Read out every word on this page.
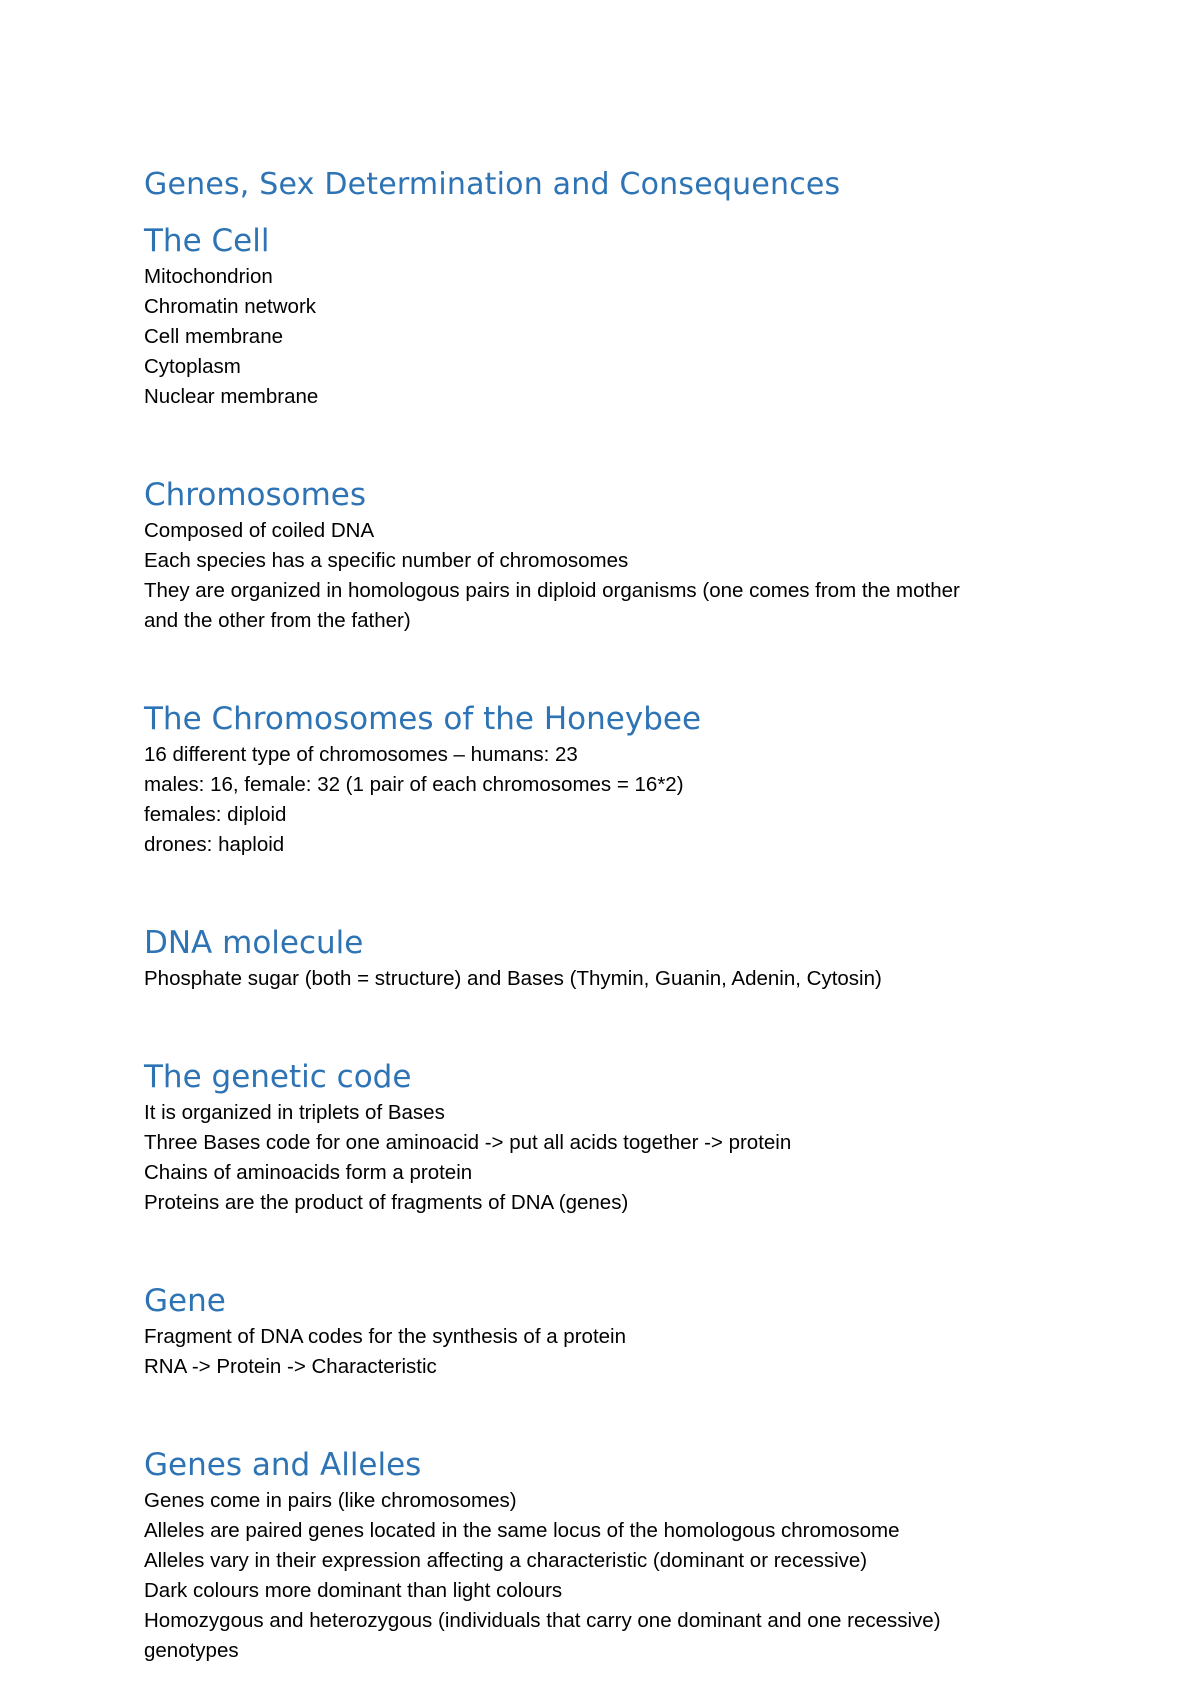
Genes, Sex Determination and Consequences
The Cell
Mitochondrion
Chromatin network
Cell membrane
Cytoplasm
Nuclear membrane
Chromosomes
Composed of coiled DNA
Each species has a specific number of chromosomes
They are organized in homologous pairs in diploid organisms (one comes from the mother
and the other from the father)
The Chromosomes of the Honeybee
16 different type of chromosomes – humans: 23
males: 16, female: 32 (1 pair of each chromosomes = 16*2)
females: diploid
drones: haploid
DNA molecule
Phosphate sugar (both = structure) and Bases (Thymin, Guanin, Adenin, Cytosin)
The genetic code
It is organized in triplets of Bases
Three Bases code for one aminoacid -> put all acids together -> protein
Chains of aminoacids form a protein
Proteins are the product of fragments of DNA (genes)
Gene
Fragment of DNA codes for the synthesis of a protein
RNA -> Protein -> Characteristic
Genes and Alleles
Genes come in pairs (like chromosomes)
Alleles are paired genes located in the same locus of the homologous chromosome
Alleles vary in their expression affecting a characteristic (dominant or recessive)
Dark colours more dominant than light colours
Homozygous and heterozygous (individuals that carry one dominant and one recessive)
genotypes
